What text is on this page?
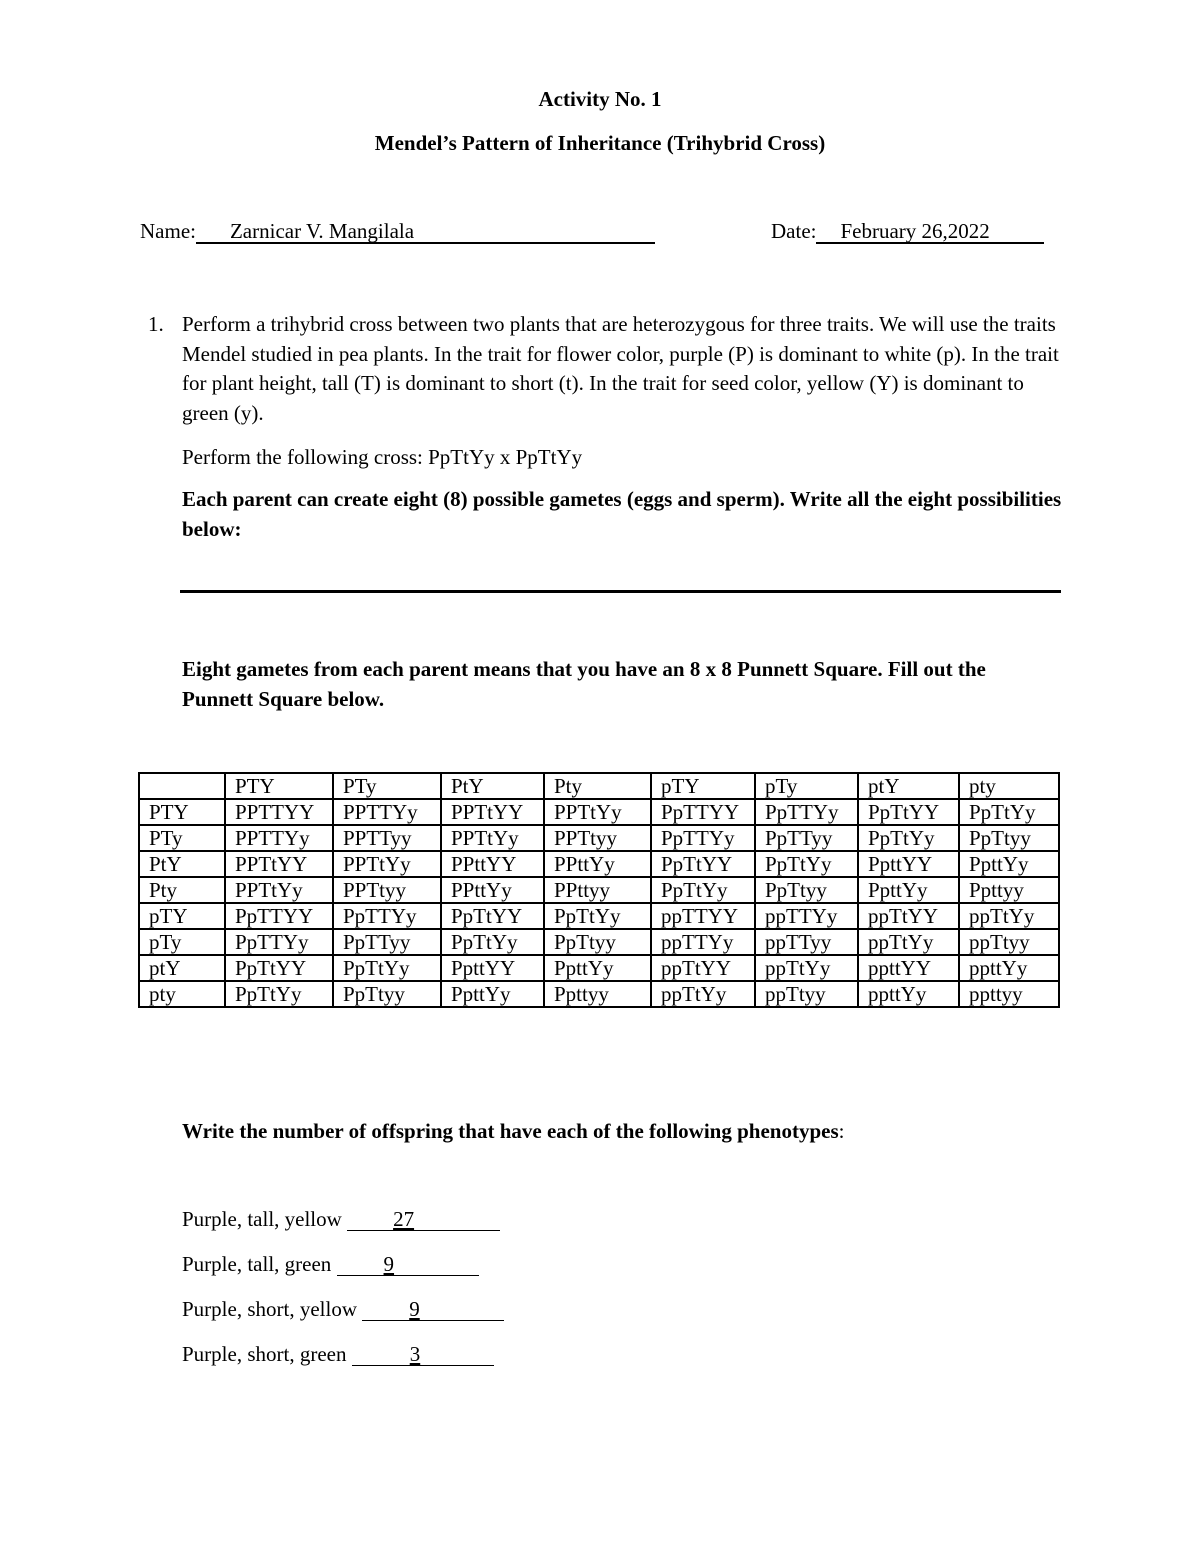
Activity No. 1
Mendel’s Pattern of Inheritance (Trihybrid Cross)
Name: Zarnicar V. Mangilala	Date: February 26,2022
1. Perform a trihybrid cross between two plants that are heterozygous for three traits. We will use the traits Mendel studied in pea plants. In the trait for flower color, purple (P) is dominant to white (p). In the trait for plant height, tall (T) is dominant to short (t). In the trait for seed color, yellow (Y) is dominant to green (y).
Perform the following cross: PpTtYy x PpTtYy
Each parent can create eight (8) possible gametes (eggs and sperm). Write all the eight possibilities below:
Eight gametes from each parent means that you have an 8 x 8 Punnett Square. Fill out the Punnett Square below.
	PTY	PTy	PtY	Pty	pTY	pTy	ptY	pty
PTY	PPTTYY	PPTTYy	PPTtYY	PPTtYy	PpTTYY	PpTTYy	PpTtYY	PpTtYy
PTy	PPTTYy	PPTTyy	PPTtYy	PPTtyy	PpTTYy	PpTTyy	PpTtYy	PpTtyy
PtY	PPTtYY	PPTtYy	PPttYY	PPttYy	PpTtYY	PpTtYy	PpttYY	PpttYy
Pty	PPTtYy	PPTtyy	PPttYy	PPttyy	PpTtYy	PpTtyy	PpttYy	Ppttyy
pTY	PpTTYY	PpTTYy	PpTtYY	PpTtYy	ppTTYY	ppTTYy	ppTtYY	ppTtYy
pTy	PpTTYy	PpTTyy	PpTtYy	PpTtyy	ppTTYy	ppTTyy	ppTtYy	ppTtyy
ptY	PpTtYY	PpTtYy	PpttYY	PpttYy	ppTtYY	ppTtYy	ppttYY	ppttYy
pty	PpTtYy	PpTtyy	PpttYy	Ppttyy	ppTtYy	ppTtyy	ppttYy	ppttyy
Write the number of offspring that have each of the following phenotypes:
Purple, tall, yellow 27
Purple, tall, green 9
Purple, short, yellow 9
Purple, short, green	3
